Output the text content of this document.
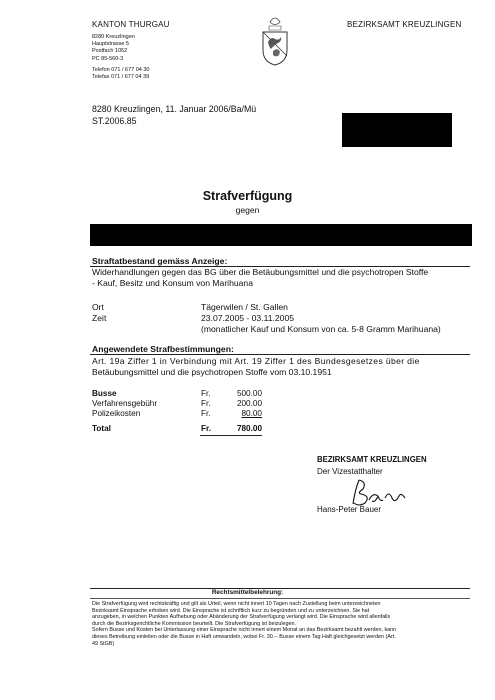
KANTON THURGAU	BEZIRKSAMT KREUZLINGEN
8280 Kreuzlingen
Hauptstrasse 5
Postfach 1052
PC 85-560-3
Telefon 071 / 677 04 30
Telefax 071 / 677 04 39
8280 Kreuzlingen, 11. Januar 2006/Ba/Mü
ST.2006.85
Strafverfügung
gegen
Straftatbestand gemäss Anzeige:
Widerhandlungen gegen das BG über die Betäubungsmittel und die psychotropen Stoffe
- Kauf, Besitz und Konsum von Marihuana
Ort	Tägerwilen / St. Gallen
Zeit	23.07.2005 - 03.11.2005
(monatlicher Kauf und Konsum von ca. 5-8 Gramm Marihuana)
Angewendete Strafbestimmungen:
Art. 19a Ziffer 1 in Verbindung mit Art. 19 Ziffer 1 des Bundesgesetzes über die
Betäubungsmittel und die psychotropen Stoffe vom 03.10.1951
Busse	Fr.	500.00
Verfahrensgebühr	Fr.	200.00
Polizeikosten	Fr.	80.00
Total	Fr.	780.00
BEZIRKSAMT KREUZLINGEN
Der Vizestatthalter
Hans-Peter Bauer
Rechtsmittelbelehrung:
Die Strafverfügung wird rechtskräftig und gilt als Urteil, wenn nicht innert 10 Tagen nach Zustellung beim unterzeichneten
Bezirksamt Einsprache erhoben wird. Die Einsprache ist schriftlich kurz zu begründen und zu unterzeichnen. Sie hat
anzugeben, in welchen Punkten Aufhebung oder Abänderung der Strafverfügung verlangt wird. Die Einsprache wird allenfalls
durch die Bezirksgerichtliche Kommission beurteilt. Die Strafverfügung ist beizulegen.
Sofern Busse und Kosten bei Unterlassung einer Einsprache nicht innert einem Monat an das Bezirksamt bezahlt werden, kann
dieses Betreibung einleiten oder die Busse in Haft umwandeln, wobei Fr. 30.-- Busse einem Tag Haft gleichgesetzt werden (Art.
49 StGB)
